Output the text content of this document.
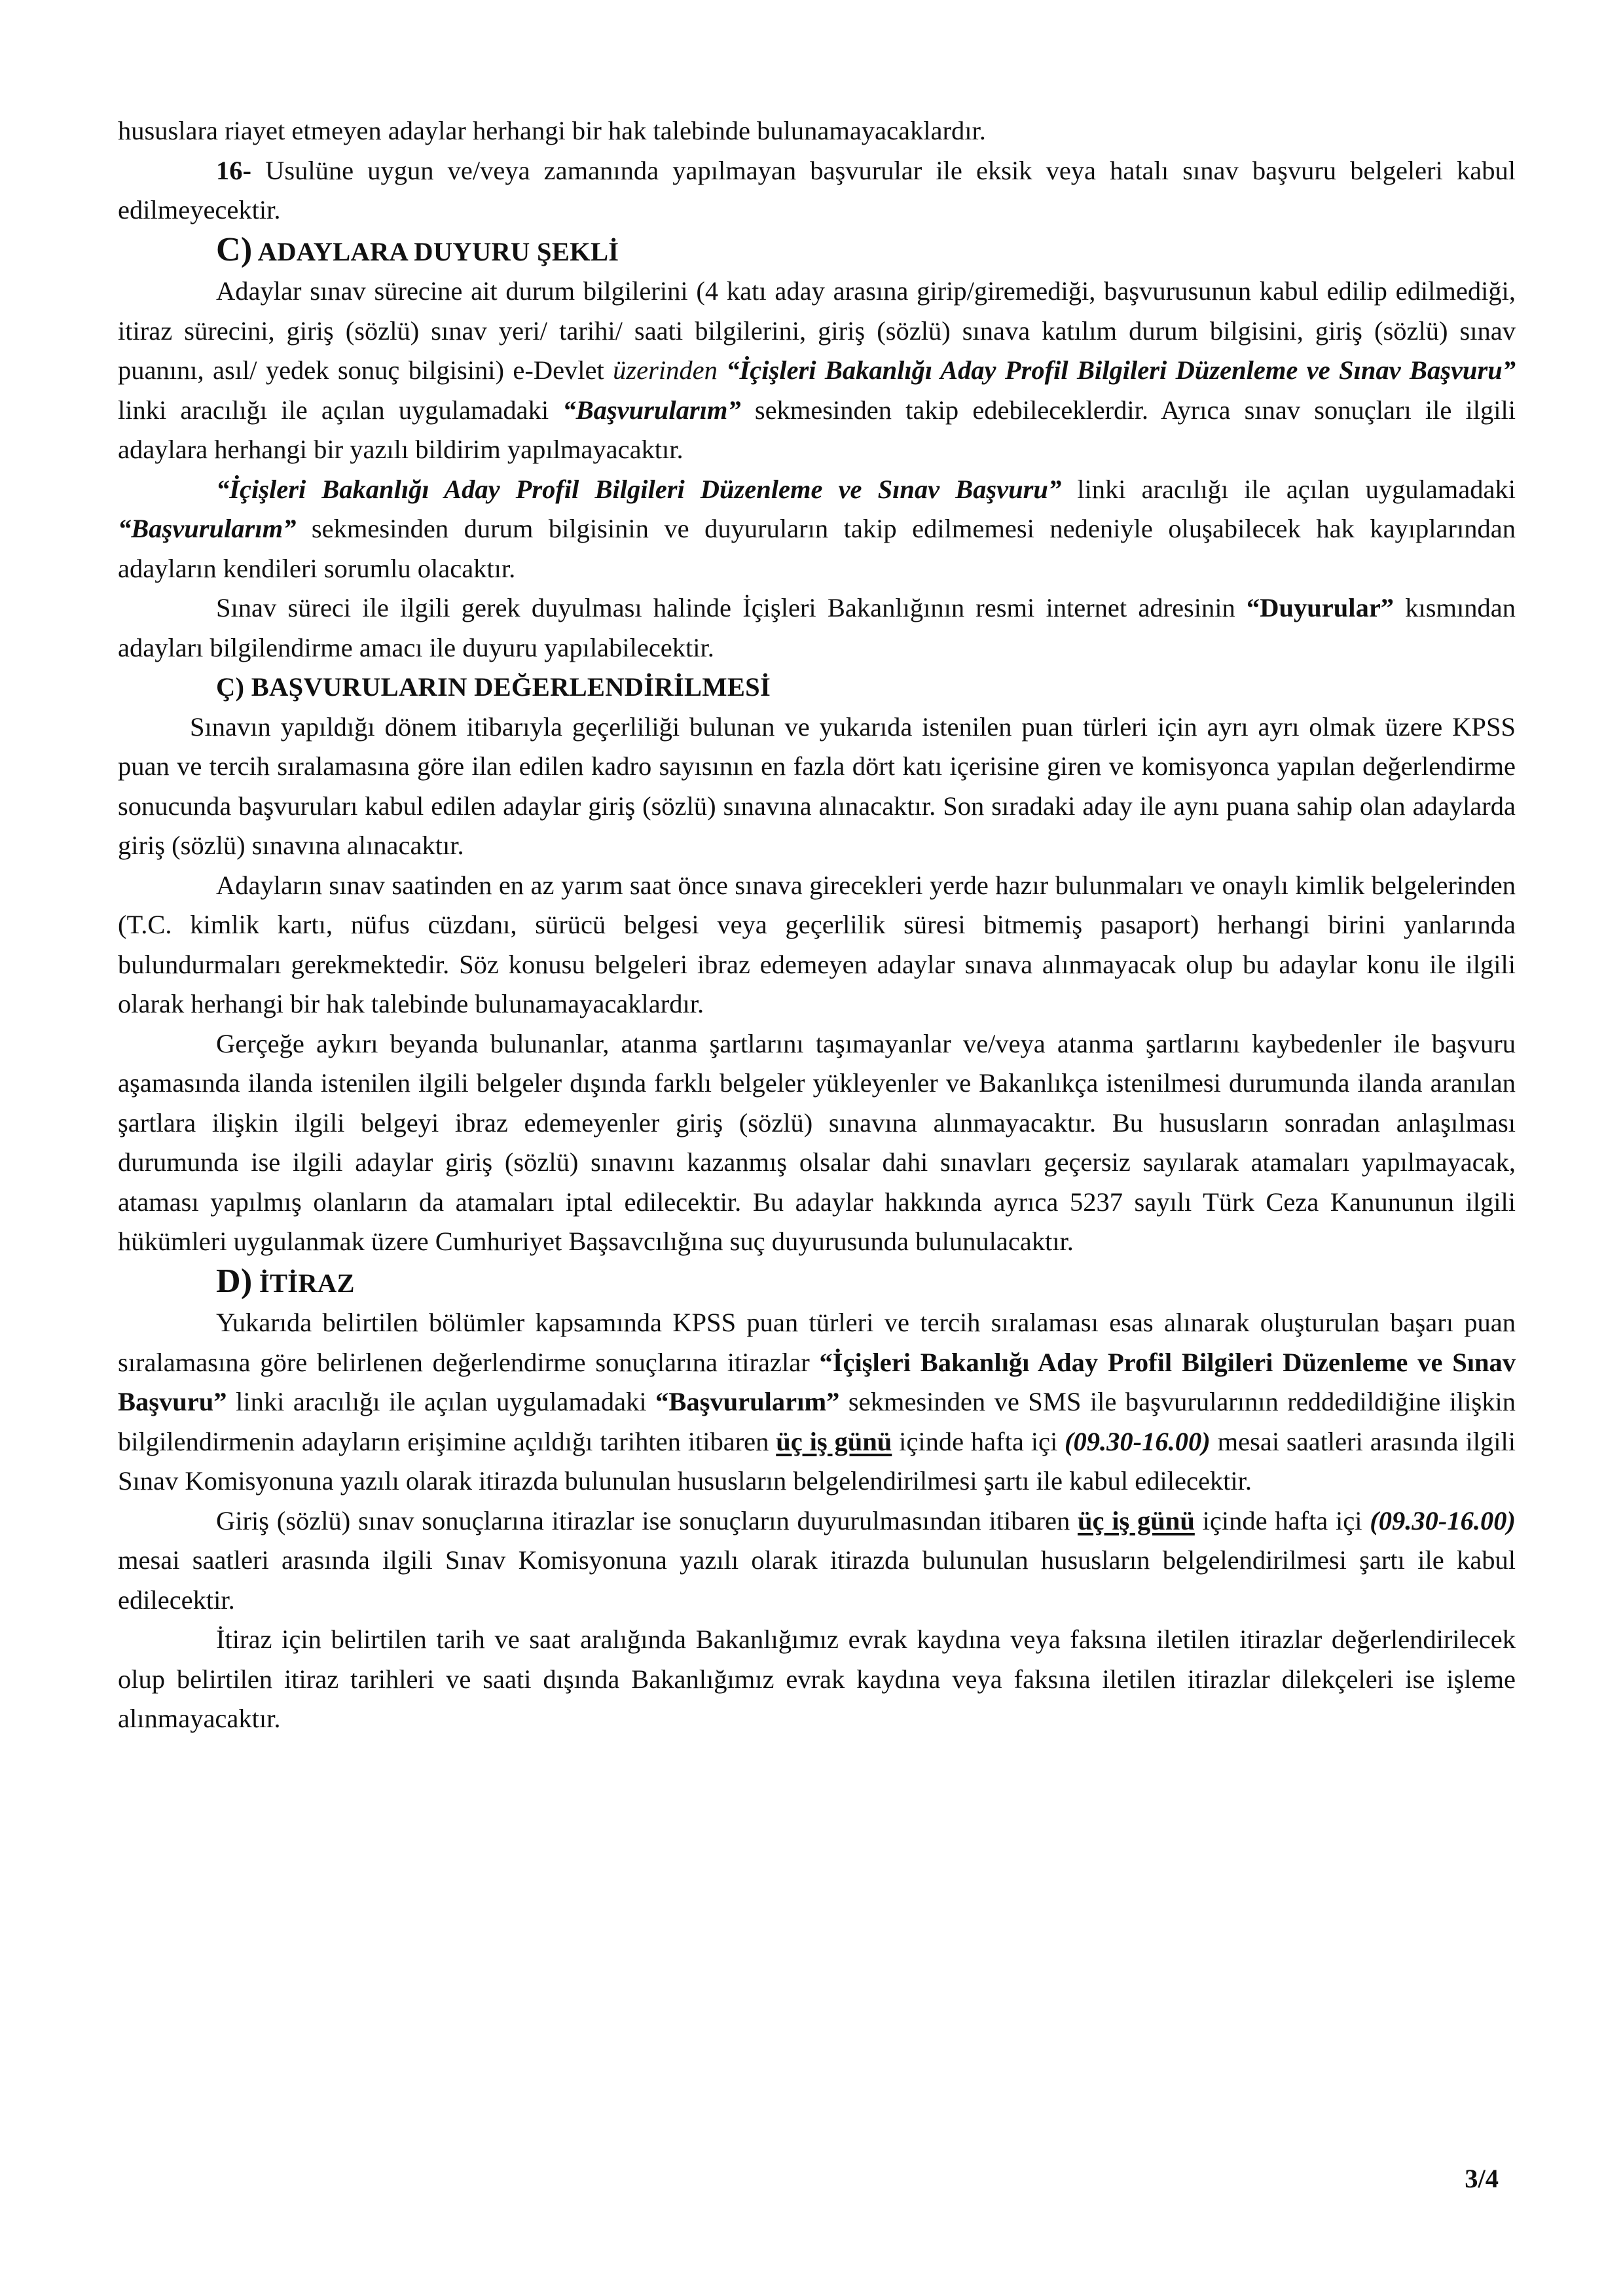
hususlara riayet etmeyen adaylar herhangi bir hak talebinde bulunamayacaklardır.

16- Usulüne uygun ve/veya zamanında yapılmayan başvurular ile eksik veya hatalı sınav başvuru belgeleri kabul edilmeyecektir.

C) ADAYLARA DUYURU ŞEKLİ

Adaylar sınav sürecine ait durum bilgilerini (4 katı aday arasına girip/giremediği, başvurusunun kabul edilip edilmediği, itiraz sürecini, giriş (sözlü) sınav yeri/ tarihi/ saati bilgilerini, giriş (sözlü) sınava katılım durum bilgisini, giriş (sözlü) sınav puanını, asıl/ yedek sonuç bilgisini) e-Devlet üzerinden “İçişleri Bakanlığı Aday Profil Bilgileri Düzenleme ve Sınav Başvuru” linki aracılığı ile açılan uygulamadaki “Başvurularım” sekmesinden takip edebileceklerdir. Ayrıca sınav sonuçları ile ilgili adaylara herhangi bir yazılı bildirim yapılmayacaktır.

“İçişleri Bakanlığı Aday Profil Bilgileri Düzenleme ve Sınav Başvuru” linki aracılığı ile açılan uygulamadaki “Başvurularım” sekmesinden durum bilgisinin ve duyuruların takip edilmemesi nedeniyle oluşabilecek hak kayıplarından adayların kendileri sorumlu olacaktır.

Sınav süreci ile ilgili gerek duyulması halinde İçişleri Bakanlığının resmi internet adresinin “Duyurular” kısmından adayları bilgilendirme amacı ile duyuru yapılabilecektir.

Ç) BAŞVURULARIN DEĞERLENDİRİLMESİ

Sınavın yapıldığı dönem itibarıyla geçerliliği bulunan ve yukarıda istenilen puan türleri için ayrı ayrı olmak üzere KPSS puan ve tercih sıralamasına göre ilan edilen kadro sayısının en fazla dört katı içerisine giren ve komisyonca yapılan değerlendirme sonucunda başvuruları kabul edilen adaylar giriş (sözlü) sınavına alınacaktır. Son sıradaki aday ile aynı puana sahip olan adaylarda giriş (sözlü) sınavına alınacaktır.

Adayların sınav saatinden en az yarım saat önce sınava girecekleri yerde hazır bulunmaları ve onaylı kimlik belgelerinden (T.C. kimlik kartı, nüfus cüzdanı, sürücü belgesi veya geçerlilik süresi bitmemiş pasaport) herhangi birini yanlarında bulundurmaları gerekmektedir. Söz konusu belgeleri ibraz edemeyen adaylar sınava alınmayacak olup bu adaylar konu ile ilgili olarak herhangi bir hak talebinde bulunamayacaklardır.

Gerçeğe aykırı beyanda bulunanlar, atanma şartlarını taşımayanlar ve/veya atanma şartlarını kaybedenler ile başvuru aşamasında ilanda istenilen ilgili belgeler dışında farklı belgeler yükleyenler ve Bakanlıkça istenilmesi durumunda ilanda aranılan şartlara ilişkin ilgili belgeyi ibraz edemeyenler giriş (sözlü) sınavına alınmayacaktır. Bu hususların sonradan anlaşılması durumunda ise ilgili adaylar giriş (sözlü) sınavını kazanmış olsalar dahi sınavları geçersiz sayılarak atamaları yapılmayacak, ataması yapılmış olanların da atamaları iptal edilecektir. Bu adaylar hakkında ayrıca 5237 sayılı Türk Ceza Kanununun ilgili hükümleri uygulanmak üzere Cumhuriyet Başsavcılığına suç duyurusunda bulunulacaktır.

D) İTİRAZ

Yukarıda belirtilen bölümler kapsamında KPSS puan türleri ve tercih sıralaması esas alınarak oluşturulan başarı puan sıralamasına göre belirlenen değerlendirme sonuçlarına itirazlar “İçişleri Bakanlığı Aday Profil Bilgileri Düzenleme ve Sınav Başvuru” linki aracılığı ile açılan uygulamadaki “Başvurularım” sekmesinden ve SMS ile başvurularının reddedildiğine ilişkin bilgilendirmenin adayların erişimine açıldığı tarihten itibaren üç iş günü içinde hafta içi (09.30-16.00) mesai saatleri arasında ilgili Sınav Komisyonuna yazılı olarak itirazda bulunulan hususların belgelendirilmesi şartı ile kabul edilecektir.

Giriş (sözlü) sınav sonuçlarına itirazlar ise sonuçların duyurulmasından itibaren üç iş günü içinde hafta içi (09.30-16.00) mesai saatleri arasında ilgili Sınav Komisyonuna yazılı olarak itirazda bulunulan hususların belgelendirilmesi şartı ile kabul edilecektir.

İtiraz için belirtilen tarih ve saat aralığında Bakanlığımız evrak kaydına veya faksına iletilen itirazlar değerlendirilecek olup belirtilen itiraz tarihleri ve saati dışında Bakanlığımız evrak kaydına veya faksına iletilen itirazlar dilekçeleri ise işleme alınmayacaktır.

3/4
